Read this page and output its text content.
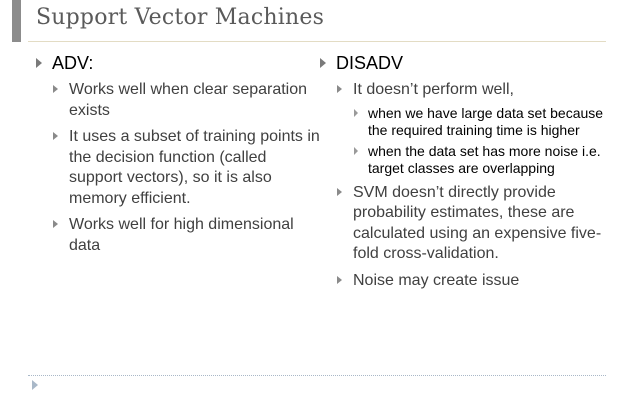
Support Vector Machines
ADV:
Works well when clear separation exists
It uses a subset of training points in the decision function (called support vectors), so it is also memory efficient.
Works well for high dimensional data
DISADV
It doesn’t perform well,
when we have large data set because the required training time is higher
when the data set has more noise i.e. target classes are overlapping
SVM doesn’t directly provide probability estimates, these are calculated using an expensive five-fold cross-validation.
Noise may create issue
